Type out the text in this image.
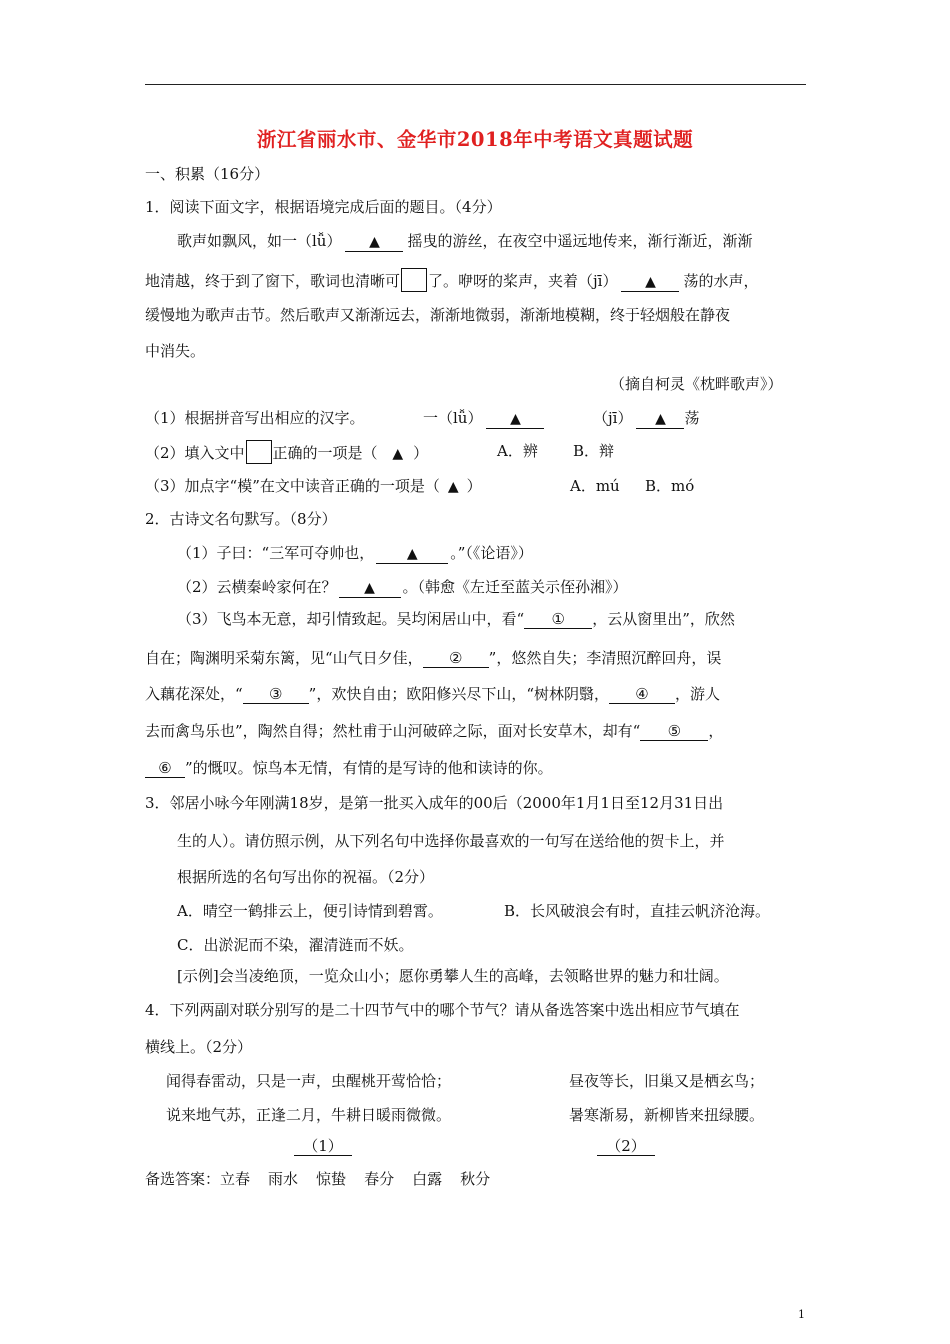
浙江省丽水市、金华市2018年中考语文真题试题
一、积累（16分）
1．阅读下面文字，根据语境完成后面的题目。（4分）
歌声如飘风，如一（lǚ） ▲ 摇曳的游丝，在夜空中遥远地传来，渐行渐近，渐渐
地清越，终于到了窗下，歌词也清晰可 了。咿呀的桨声，夹着（jī） ▲ 荡的水声，
缓慢地为歌声击节。然后歌声又渐渐远去，渐渐地微弱，渐渐地模糊，终于轻烟般在静夜
中消失。
（摘自柯灵《枕畔歌声》）
（1）根据拼音写出相应的汉字。	一（lǚ） ▲	（jī） ▲ 荡
（2）填入文中 正确的一项是（ ▲ ）	A．辨 B．辩
（3）加点字“模”在文中读音正确的一项是（ ▲ ）	A．mú B．mó
2．古诗文名句默写。（8分）
（1）子曰：“三军可夺帅也， ▲ 。”（《论语》）
（2）云横秦岭家何在？ ▲ 。（韩愈《左迁至蓝关示侄孙湘》）
（3）飞鸟本无意，却引情致起。吴均闲居山中，看“ ① ，云从窗里出”，欣然
自在；陶渊明采菊东篱，见“山气日夕佳， ② ”，悠然自失；李清照沉醉回舟，误
入藕花深处，“ ③ ”，欢快自由；欧阳修兴尽下山，“树林阴翳， ④ ，游人
去而禽鸟乐也”，陶然自得；然杜甫于山河破碎之际，面对长安草木，却有“ ⑤ ，
⑥ ”的慨叹。惊鸟本无情，有情的是写诗的他和读诗的你。
3．邻居小咏今年刚满18岁，是第一批买入成年的00后（2000年1月1日至12月31日出
生的人）。请仿照示例，从下列名句中选择你最喜欢的一句写在送给他的贺卡上，并
根据所选的名句写出你的祝福。（2分）
A．晴空一鹤排云上，便引诗情到碧霄。	B．长风破浪会有时，直挂云帆济沧海。
C．出淤泥而不染，濯清涟而不妖。
[示例]会当凌绝顶，一览众山小；愿你勇攀人生的高峰，去领略世界的魅力和壮阔。
4．下列两副对联分别写的是二十四节气中的哪个节气？请从备选答案中选出相应节气填在
横线上。（2分）
闻得春雷动，只是一声，虫醒桃开莺恰恰；
说来地气苏，正逢二月，牛耕日暖雨微微。
昼夜等长，旧巢又是栖玄鸟；
暑寒渐易，新柳皆来扭绿腰。
（1）	（2）
备选答案：立春 雨水 惊蛰 春分 白露 秋分
1
